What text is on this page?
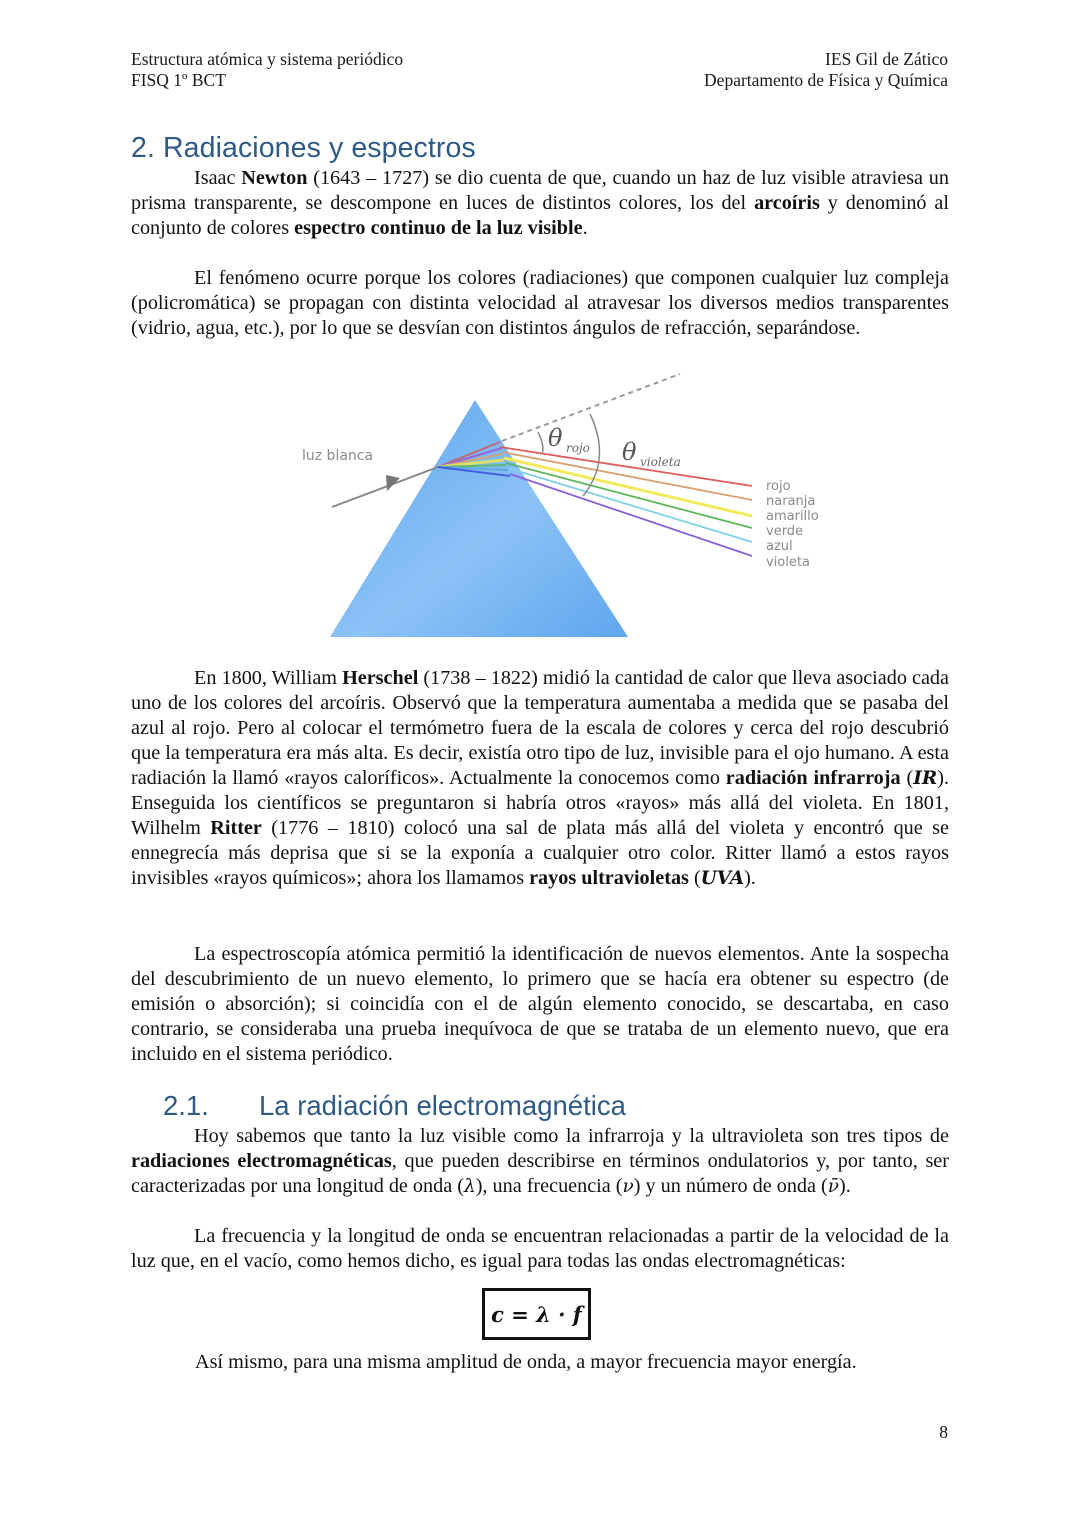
Estructura atómica y sistema periódico
FISQ 1º BCT
IES Gil de Zático
Departamento de Física y Química
2. Radiaciones y espectros
Isaac Newton (1643 – 1727) se dio cuenta de que, cuando un haz de luz visible atraviesa un prisma transparente, se descompone en luces de distintos colores, los del arcoíris y denominó al conjunto de colores espectro continuo de la luz visible.
El fenómeno ocurre porque los colores (radiaciones) que componen cualquier luz compleja (policromática) se propagan con distinta velocidad al atravesar los diversos medios transparentes (vidrio, agua, etc.), por lo que se desvían con distintos ángulos de refracción, separándose.
luz blanca
θ rojo θ violeta
rojo
naranja
amarillo
verde
azul
violeta
En 1800, William Herschel (1738 – 1822) midió la cantidad de calor que lleva asociado cada uno de los colores del arcoíris. Observó que la temperatura aumentaba a medida que se pasaba del azul al rojo. Pero al colocar el termómetro fuera de la escala de colores y cerca del rojo descubrió que la temperatura era más alta. Es decir, existía otro tipo de luz, invisible para el ojo humano. A esta radiación la llamó «rayos caloríficos». Actualmente la conocemos como radiación infrarroja (IR). Enseguida los científicos se preguntaron si habría otros «rayos» más allá del violeta. En 1801, Wilhelm Ritter (1776 – 1810) colocó una sal de plata más allá del violeta y encontró que se ennegrecía más deprisa que si se la exponía a cualquier otro color. Ritter llamó a estos rayos invisibles «rayos químicos»; ahora los llamamos rayos ultravioletas (UVA).
La espectroscopía atómica permitió la identificación de nuevos elementos. Ante la sospecha del descubrimiento de un nuevo elemento, lo primero que se hacía era obtener su espectro (de emisión o absorción); si coincidía con el de algún elemento conocido, se descartaba, en caso contrario, se consideraba una prueba inequívoca de que se trataba de un elemento nuevo, que era incluido en el sistema periódico.
2.1. La radiación electromagnética
Hoy sabemos que tanto la luz visible como la infrarroja y la ultravioleta son tres tipos de radiaciones electromagnéticas, que pueden describirse en términos ondulatorios y, por tanto, ser caracterizadas por una longitud de onda (λ), una frecuencia (ν) y un número de onda (ν̄).
La frecuencia y la longitud de onda se encuentran relacionadas a partir de la velocidad de la luz que, en el vacío, como hemos dicho, es igual para todas las ondas electromagnéticas:
c = λ · f
Así mismo, para una misma amplitud de onda, a mayor frecuencia mayor energía.
8
